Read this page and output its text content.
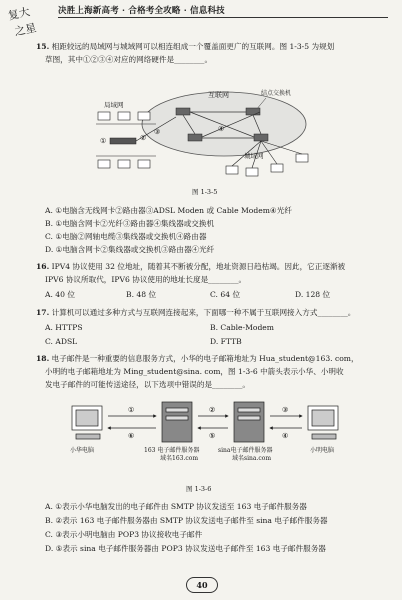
复大
之星
决胜上海新高考 · 合格考全攻略 · 信息科技
15. 相距较远的局域网与城域网可以相连组成一个覆盖面更广的互联网。图 1-3-5 为规划
草图，其中①②③④对应的网络硬件是________。
互联网	结点交换机
局域网
①	②
③	④
城域网
图 1-3-5
A. ①电脑含无线网卡②路由器③ADSL Moden 或 Cable Modem④光纤
B. ①电脑含网卡②光纤③路由器④集线器或交换机
C. ①电脑②网轴电缆③集线器或交换机④路由器
D. ①电脑含网卡②集线器或交换机③路由器④光纤
16. IPV4 协议使用 32 位地址，随着其不断被分配，地址资源日趋枯竭。因此，它正逐渐被
IPV6 协议所取代，IPV6 协议使用的地址长度是________。
A. 40 位	B. 48 位	C. 64 位	D. 128 位
17. 计算机可以通过多种方式与互联网连接起来，下面哪一种不属于互联网接入方式________。
A. HTTPS	B. Cable-Modem
C. ADSL	D. FTTB
18. 电子邮件是一种重要的信息服务方式，小华的电子邮箱地址为 Hua_student@163. com，
小明的电子邮箱地址为 Ming_student@sina. com，图 1-3-6 中箭头表示小华、小明收
发电子邮件的可能传送途径，以下选项中错误的是________。
小华电脑	163 电子邮件服务器
域名163.com
sina电子邮件服务器
域名sina.com
小明电脑
①
⑥
②
⑤
③
④
图 1-3-6
A. ①表示小华电脑发出的电子邮件由 SMTP 协议发送至 163 电子邮件服务器
B. ②表示 163 电子邮件服务器由 SMTP 协议发送电子邮件至 sina 电子邮件服务器
C. ③表示小明电脑由 POP3 协议接收电子邮件
D. ⑤表示 sina 电子邮件服务器由 POP3 协议发送电子邮件至 163 电子邮件服务器
40
